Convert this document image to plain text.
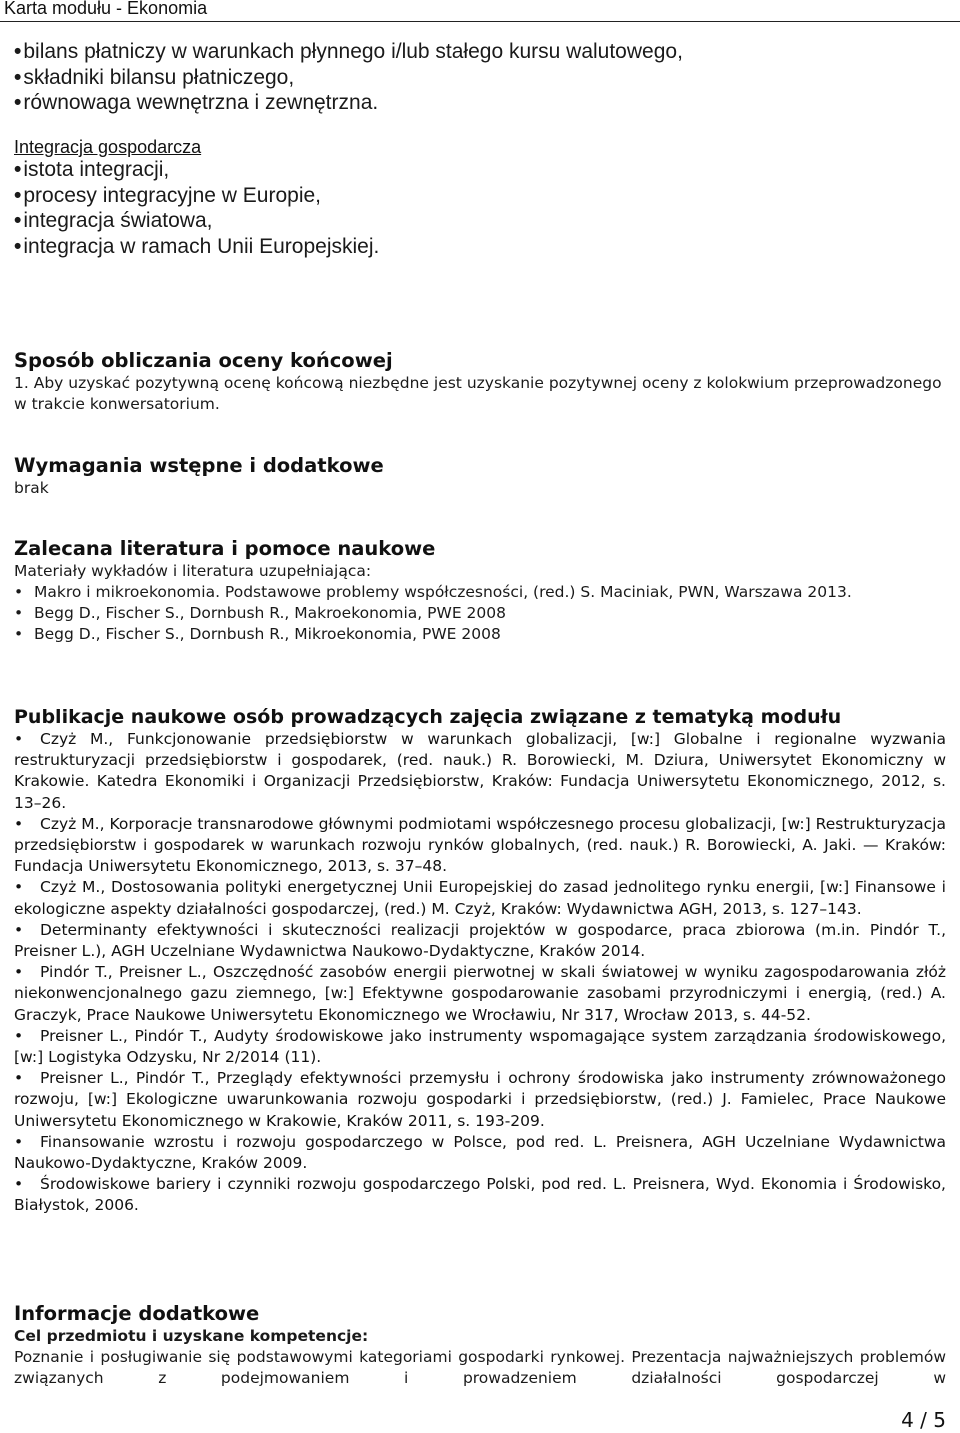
Karta modułu - Ekonomia
• bilans płatniczy w warunkach płynnego i/lub stałego kursu walutowego,
• składniki bilansu płatniczego,
• równowaga wewnętrzna i zewnętrzna.
Integracja gospodarcza
• istota integracji,
• procesy integracyjne w Europie,
• integracja światowa,
• integracja w ramach Unii Europejskiej.
Sposób obliczania oceny końcowej
1. Aby uzyskać pozytywną ocenę końcową niezbędne jest uzyskanie pozytywnej oceny z kolokwium przeprowadzonego w trakcie konwersatorium.
Wymagania wstępne i dodatkowe
brak
Zalecana literatura i pomoce naukowe
Materiały wykładów i literatura uzupełniająca:
• Makro i mikroekonomia. Podstawowe problemy współczesności, (red.) S. Maciniak, PWN, Warszawa 2013.
• Begg D., Fischer S., Dornbush R., Makroekonomia, PWE 2008
• Begg D., Fischer S., Dornbush R., Mikroekonomia, PWE 2008
Publikacje naukowe osób prowadzących zajęcia związane z tematyką modułu

• Czyż M., Funkcjonowanie przedsiębiorstw w warunkach globalizacji, [w:] Globalne i regionalne wyzwania restrukturyzacji przedsiębiorstw i gospodarek, (red. nauk.) R. Borowiecki, M. Dziura, Uniwersytet Ekonomiczny w Krakowie. Katedra Ekonomiki i Organizacji Przedsiębiorstw, Kraków: Fundacja Uniwersytetu Ekonomicznego, 2012, s. 13–26.

• Czyż M., Korporacje transnarodowe głównymi podmiotami współczesnego procesu globalizacji, [w:] Restrukturyzacja przedsiębiorstw i gospodarek w warunkach rozwoju rynków globalnych, (red. nauk.) R. Borowiecki, A. Jaki. — Kraków: Fundacja Uniwersytetu Ekonomicznego, 2013, s. 37–48.

• Czyż M., Dostosowania polityki energetycznej Unii Europejskiej do zasad jednolitego rynku energii, [w:] Finansowe i ekologiczne aspekty działalności gospodarczej, (red.) M. Czyż, Kraków: Wydawnictwa AGH, 2013, s. 127–143.

• Determinanty efektywności i skuteczności realizacji projektów w gospodarce, praca zbiorowa (m.in. Pindór T., Preisner L.), AGH Uczelniane Wydawnictwa Naukowo-Dydaktyczne, Kraków 2014.

• Pindór T., Preisner L., Oszczędność zasobów energii pierwotnej w skali światowej w wyniku zagospodarowania złóż niekonwencjonalnego gazu ziemnego, [w:] Efektywne gospodarowanie zasobami przyrodniczymi i energią, (red.) A. Graczyk, Prace Naukowe Uniwersytetu Ekonomicznego we Wrocławiu, Nr 317, Wrocław 2013, s. 44-52.

• Preisner L., Pindór T., Audyty środowiskowe jako instrumenty wspomagające system zarządzania środowiskowego, [w:] Logistyka Odzysku, Nr 2/2014 (11).

• Preisner L., Pindór T., Przeglądy efektywności przemysłu i ochrony środowiska jako instrumenty zrównoważonego rozwoju, [w:] Ekologiczne uwarunkowania rozwoju gospodarki i przedsiębiorstw, (red.) J. Famielec, Prace Naukowe Uniwersytetu Ekonomicznego w Krakowie, Kraków 2011, s. 193-209.

• Finansowanie wzrostu i rozwoju gospodarczego w Polsce, pod red. L. Preisnera, AGH Uczelniane Wydawnictwa Naukowo-Dydaktyczne, Kraków 2009.

• Środowiskowe bariery i czynniki rozwoju gospodarczego Polski, pod red. L. Preisnera, Wyd. Ekonomia i Środowisko, Białystok, 2006.

Informacje dodatkowe
Cel przedmiotu i uzyskane kompetencje:
Poznanie i posługiwanie się podstawowymi kategoriami gospodarki rynkowej. Prezentacja najważniejszych problemów związanych z podejmowaniem i prowadzeniem działalności gospodarczej w
4 / 5
